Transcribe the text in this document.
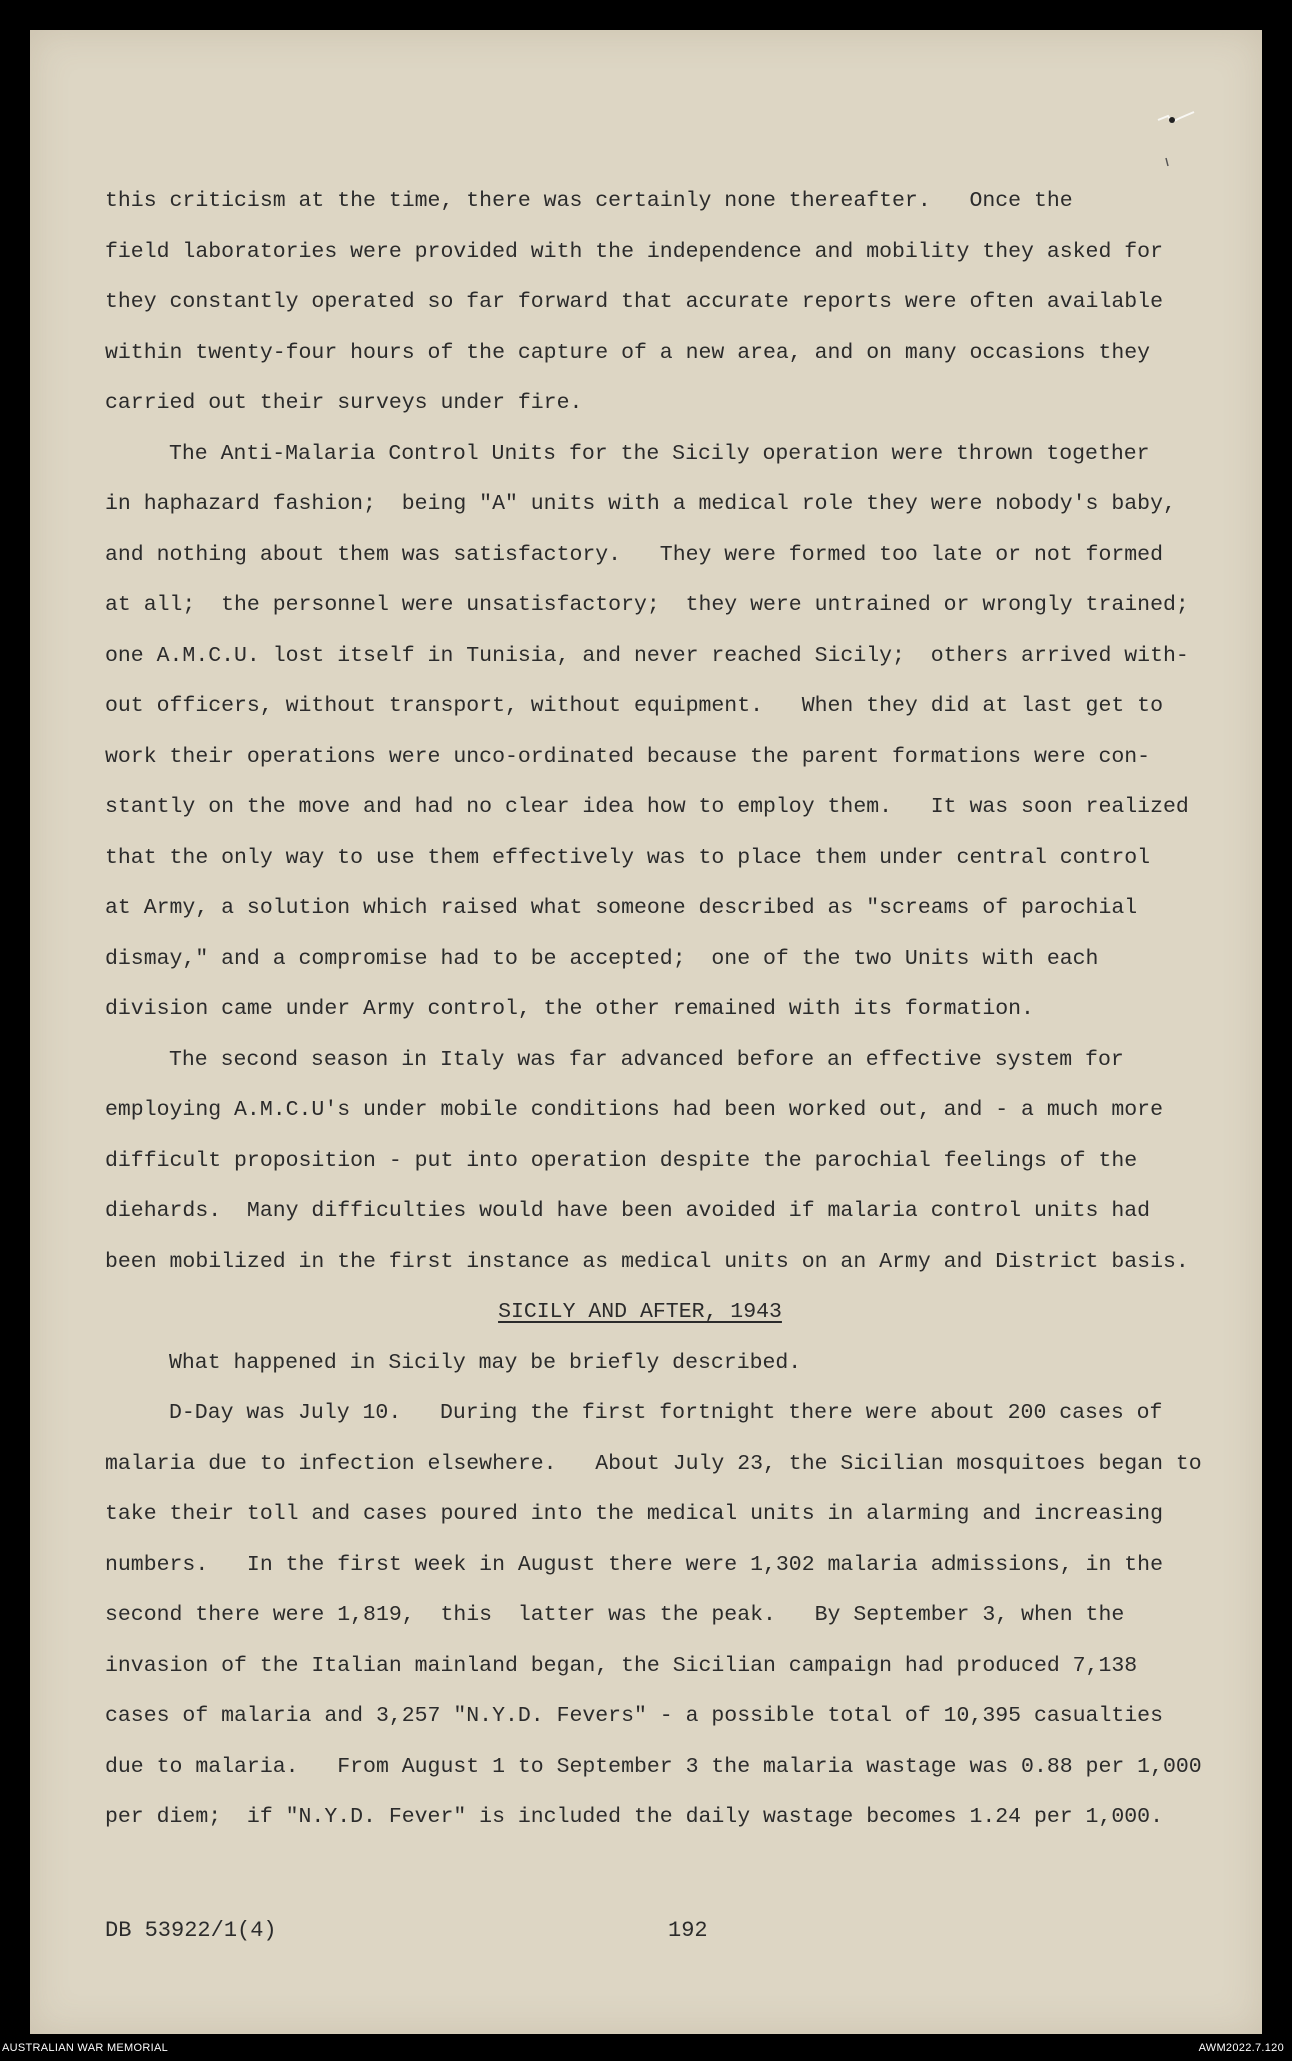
this criticism at the time, there was certainly none thereafter.   Once the
field laboratories were provided with the independence and mobility they asked for
they constantly operated so far forward that accurate reports were often available
within twenty-four hours of the capture of a new area, and on many occasions they
carried out their surveys under fire.
The Anti-Malaria Control Units for the Sicily operation were thrown together
in haphazard fashion;  being "A" units with a medical role they were nobody's baby,
and nothing about them was satisfactory.   They were formed too late or not formed
at all;  the personnel were unsatisfactory;  they were untrained or wrongly trained;
one A.M.C.U. lost itself in Tunisia, and never reached Sicily;  others arrived with-
out officers, without transport, without equipment.   When they did at last get to
work their operations were unco-ordinated because the parent formations were con-
stantly on the move and had no clear idea how to employ them.   It was soon realized
that the only way to use them effectively was to place them under central control
at Army, a solution which raised what someone described as "screams of parochial
dismay," and a compromise had to be accepted;  one of the two Units with each
division came under Army control, the other remained with its formation.
The second season in Italy was far advanced before an effective system for
employing A.M.C.U's under mobile conditions had been worked out, and - a much more
difficult proposition - put into operation despite the parochial feelings of the
diehards.  Many difficulties would have been avoided if malaria control units had
been mobilized in the first instance as medical units on an Army and District basis.
SICILY AND AFTER, 1943
What happened in Sicily may be briefly described.
D-Day was July 10.   During the first fortnight there were about 200 cases of
malaria due to infection elsewhere.   About July 23, the Sicilian mosquitoes began to
take their toll and cases poured into the medical units in alarming and increasing
numbers.   In the first week in August there were 1,302 malaria admissions, in the
second there were 1,819,  this  latter was the peak.   By September 3, when the
invasion of the Italian mainland began, the Sicilian campaign had produced 7,138
cases of malaria and 3,257 "N.Y.D. Fevers" - a possible total of 10,395 casualties
due to malaria.   From August 1 to September 3 the malaria wastage was 0.88 per 1,000
per diem;  if "N.Y.D. Fever" is included the daily wastage becomes 1.24 per 1,000.
DB 53922/1(4)	192
AUSTRALIAN WAR MEMORIAL	AWM2022.7.120
